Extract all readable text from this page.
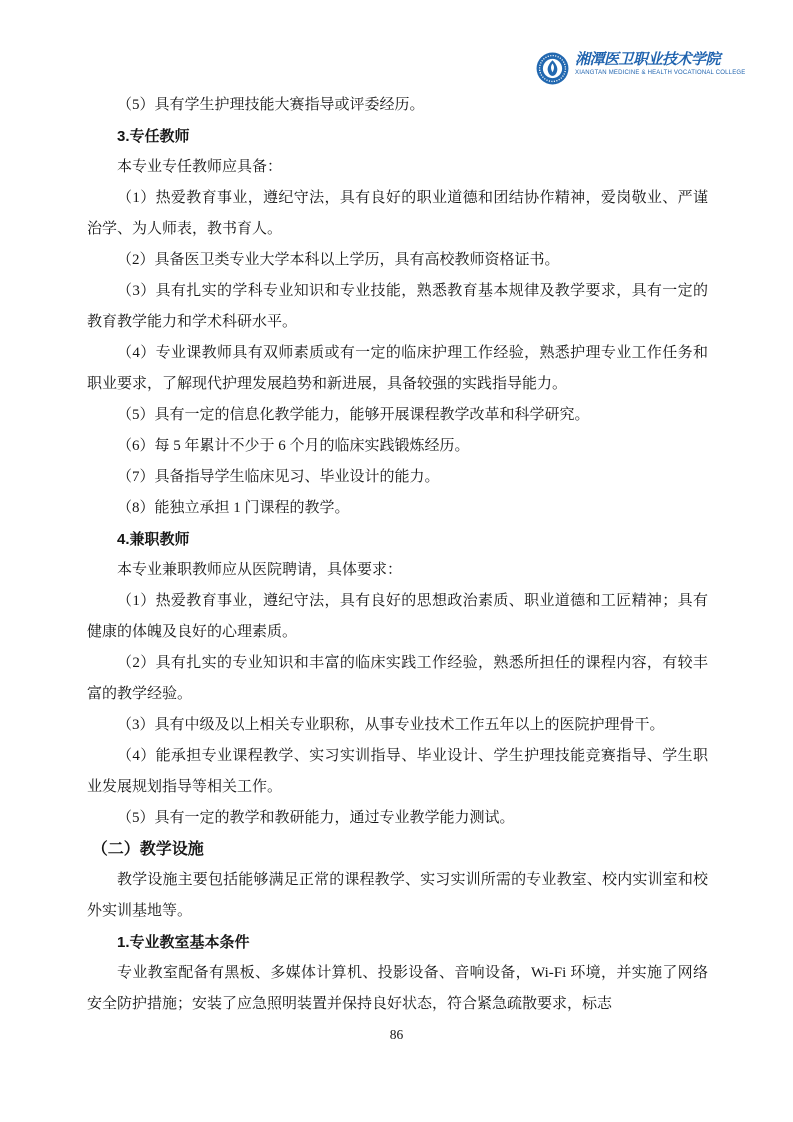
湘潭医卫职业技术学院
XIANGTAN MEDICINE & HEALTH VOCATIONAL COLLEGE

（5）具有学生护理技能大赛指导或评委经历。

3.专任教师

本专业专任教师应具备：

（1）热爱教育事业，遵纪守法，具有良好的职业道德和团结协作精神，爱岗敬业、严谨治学、为人师表，教书育人。

（2）具备医卫类专业大学本科以上学历，具有高校教师资格证书。

（3）具有扎实的学科专业知识和专业技能，熟悉教育基本规律及教学要求，具有一定的教育教学能力和学术科研水平。

（4）专业课教师具有双师素质或有一定的临床护理工作经验，熟悉护理专业工作任务和职业要求，了解现代护理发展趋势和新进展，具备较强的实践指导能力。

（5）具有一定的信息化教学能力，能够开展课程教学改革和科学研究。

（6）每 5 年累计不少于 6 个月的临床实践锻炼经历。

（7）具备指导学生临床见习、毕业设计的能力。

（8）能独立承担 1 门课程的教学。

4.兼职教师

本专业兼职教师应从医院聘请，具体要求：

（1）热爱教育事业，遵纪守法，具有良好的思想政治素质、职业道德和工匠精神；具有健康的体魄及良好的心理素质。

（2）具有扎实的专业知识和丰富的临床实践工作经验，熟悉所担任的课程内容，有较丰富的教学经验。

（3）具有中级及以上相关专业职称，从事专业技术工作五年以上的医院护理骨干。

（4）能承担专业课程教学、实习实训指导、毕业设计、学生护理技能竞赛指导、学生职业发展规划指导等相关工作。

（5）具有一定的教学和教研能力，通过专业教学能力测试。

（二）教学设施

教学设施主要包括能够满足正常的课程教学、实习实训所需的专业教室、校内实训室和校外实训基地等。

1.专业教室基本条件

专业教室配备有黑板、多媒体计算机、投影设备、音响设备，Wi-Fi 环境，并实施了网络安全防护措施；安装了应急照明装置并保持良好状态，符合紧急疏散要求，标志

86
